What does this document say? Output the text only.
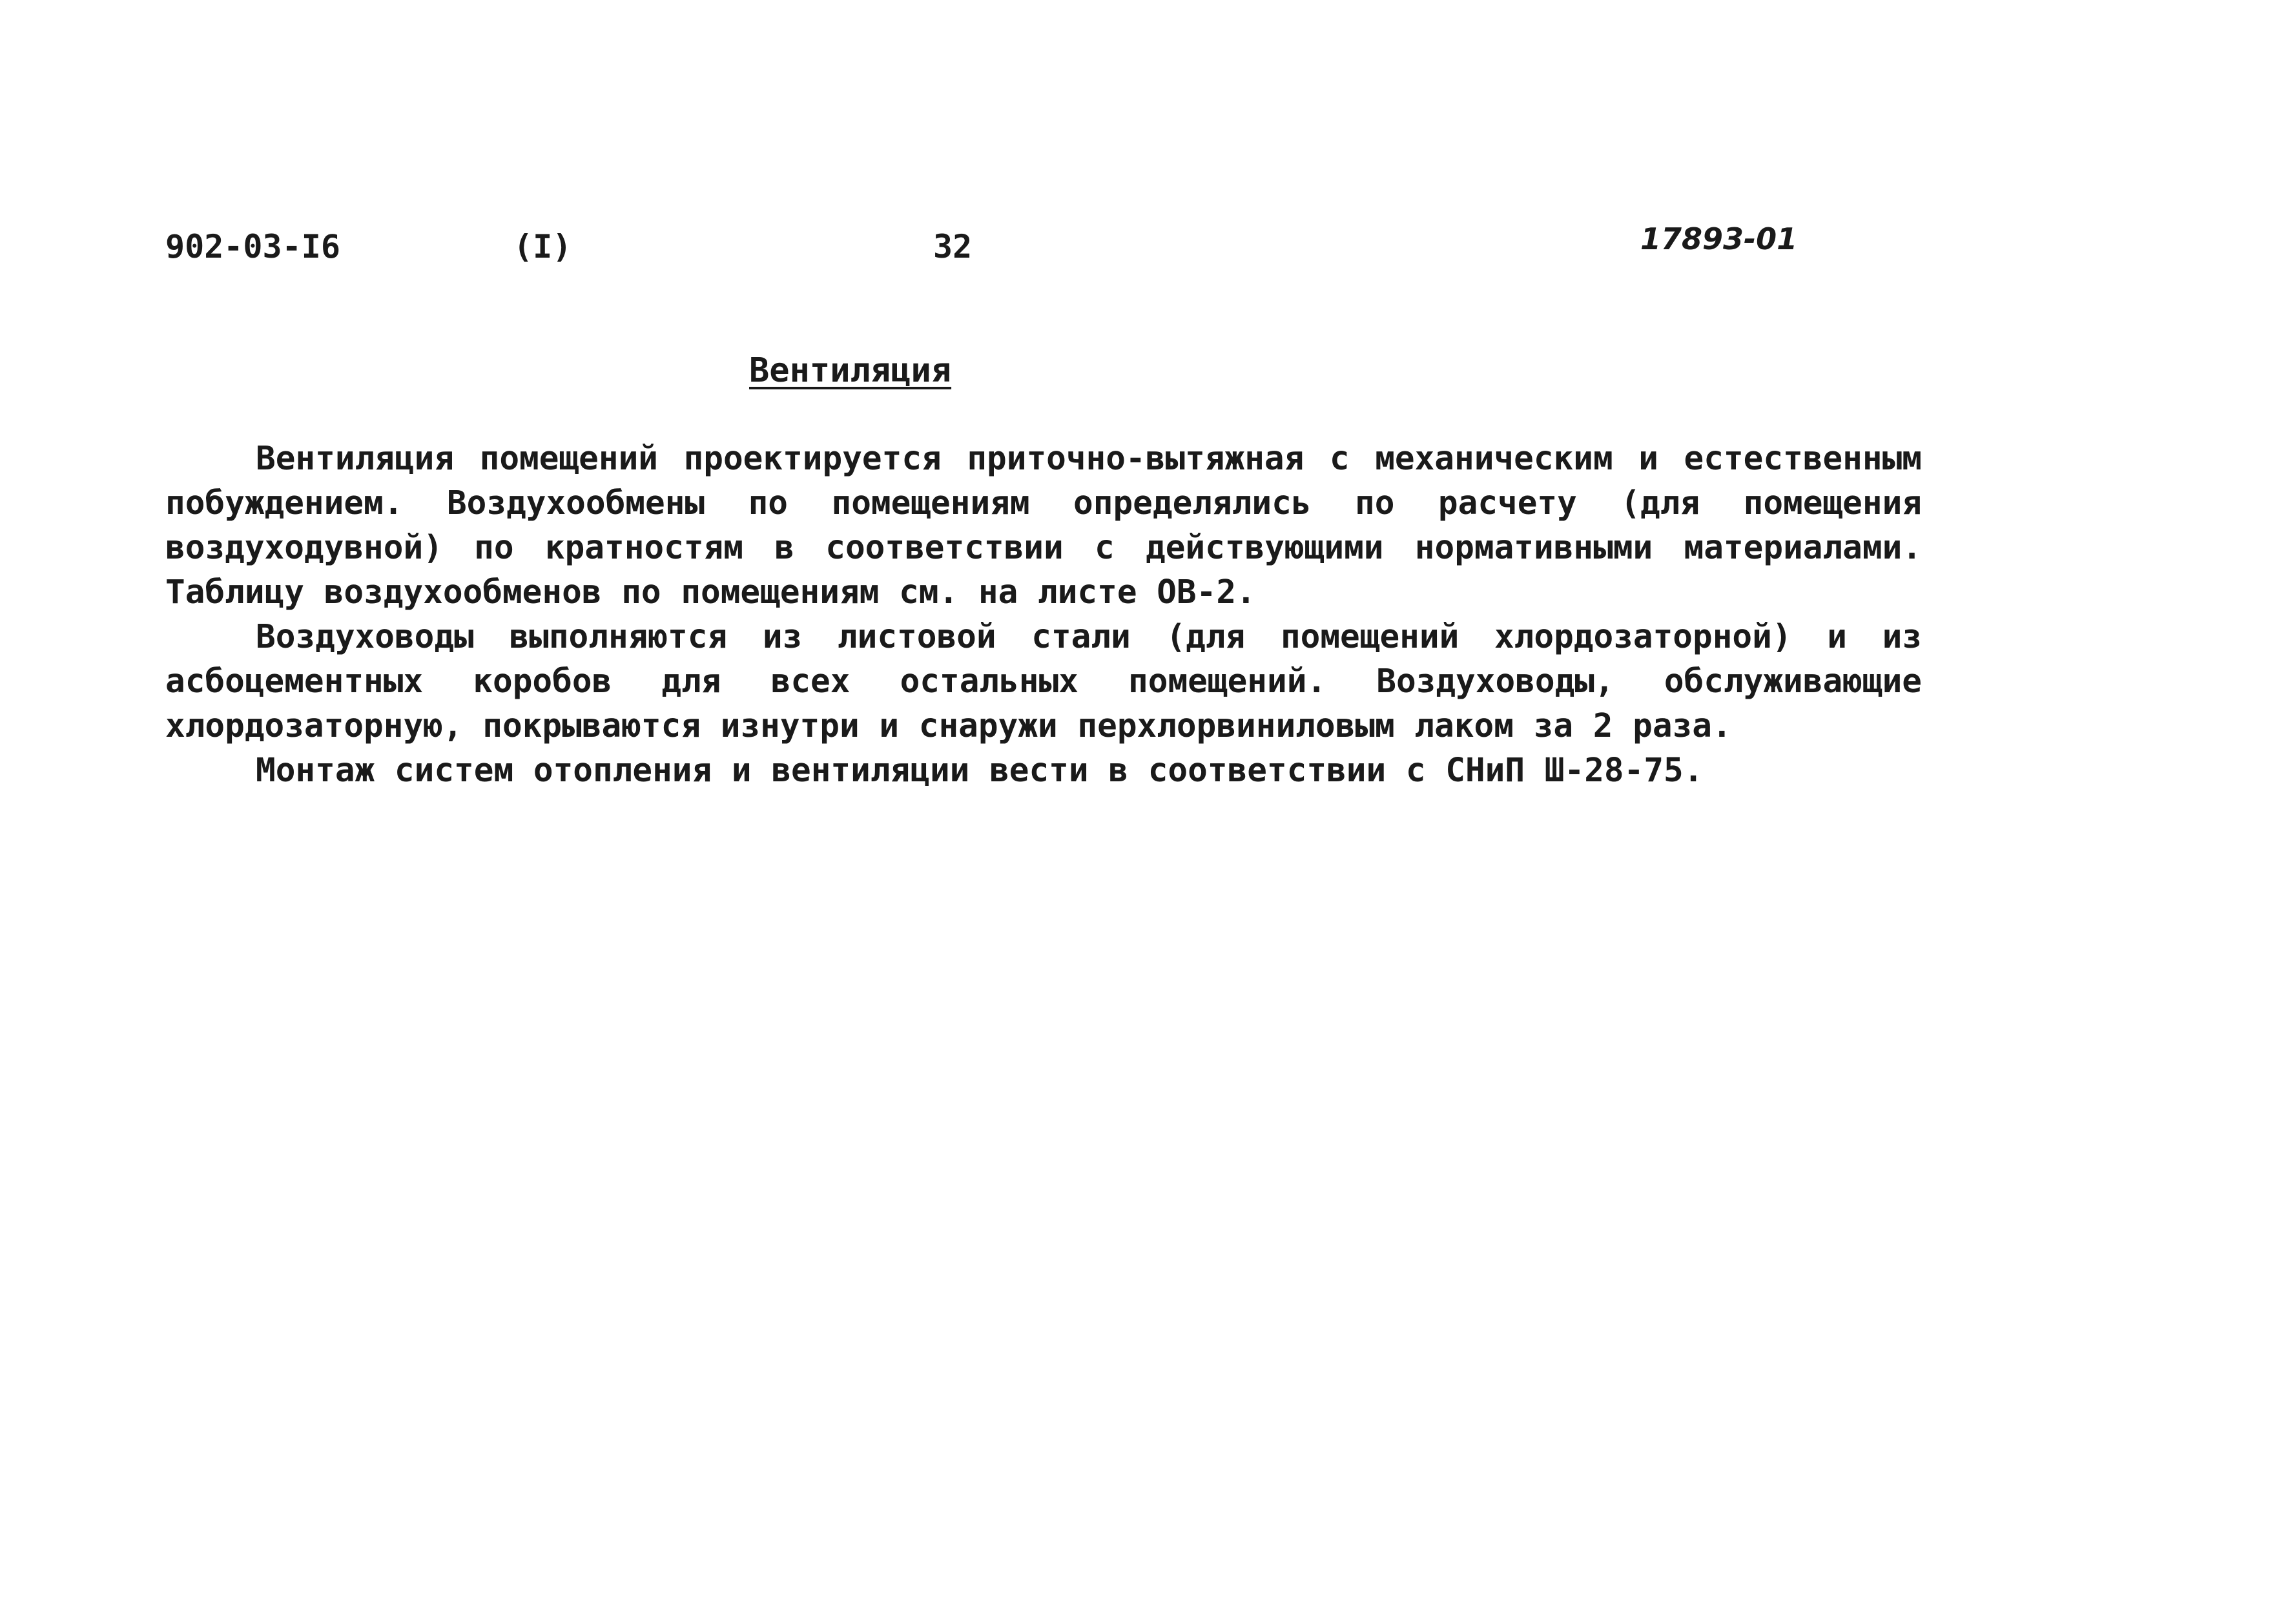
902-03-I6	(I)	32	17893-01
Вентиляция

Вентиляция помещений проектируется приточно-вытяжная с механическим и естественным побуждением. Воздухообмены по помещениям определялись по расчету (для помещения воздуходувной) по кратностям в соответствии с действующими нормативными материалами. Таблицу воздухообменов по помещениям см. на листе ОВ-2.

Воздуховоды выполняются из листовой стали (для помещений хлордозаторной) и из асбоцементных коробов для всех остальных помещений. Воздуховоды, обслуживающие хлордозаторную, покрываются изнутри и снаружи перхлорвиниловым лаком за 2 раза.

Монтаж систем отопления и вентиляции вести в соответствии с СНиП Ш-28-75.
